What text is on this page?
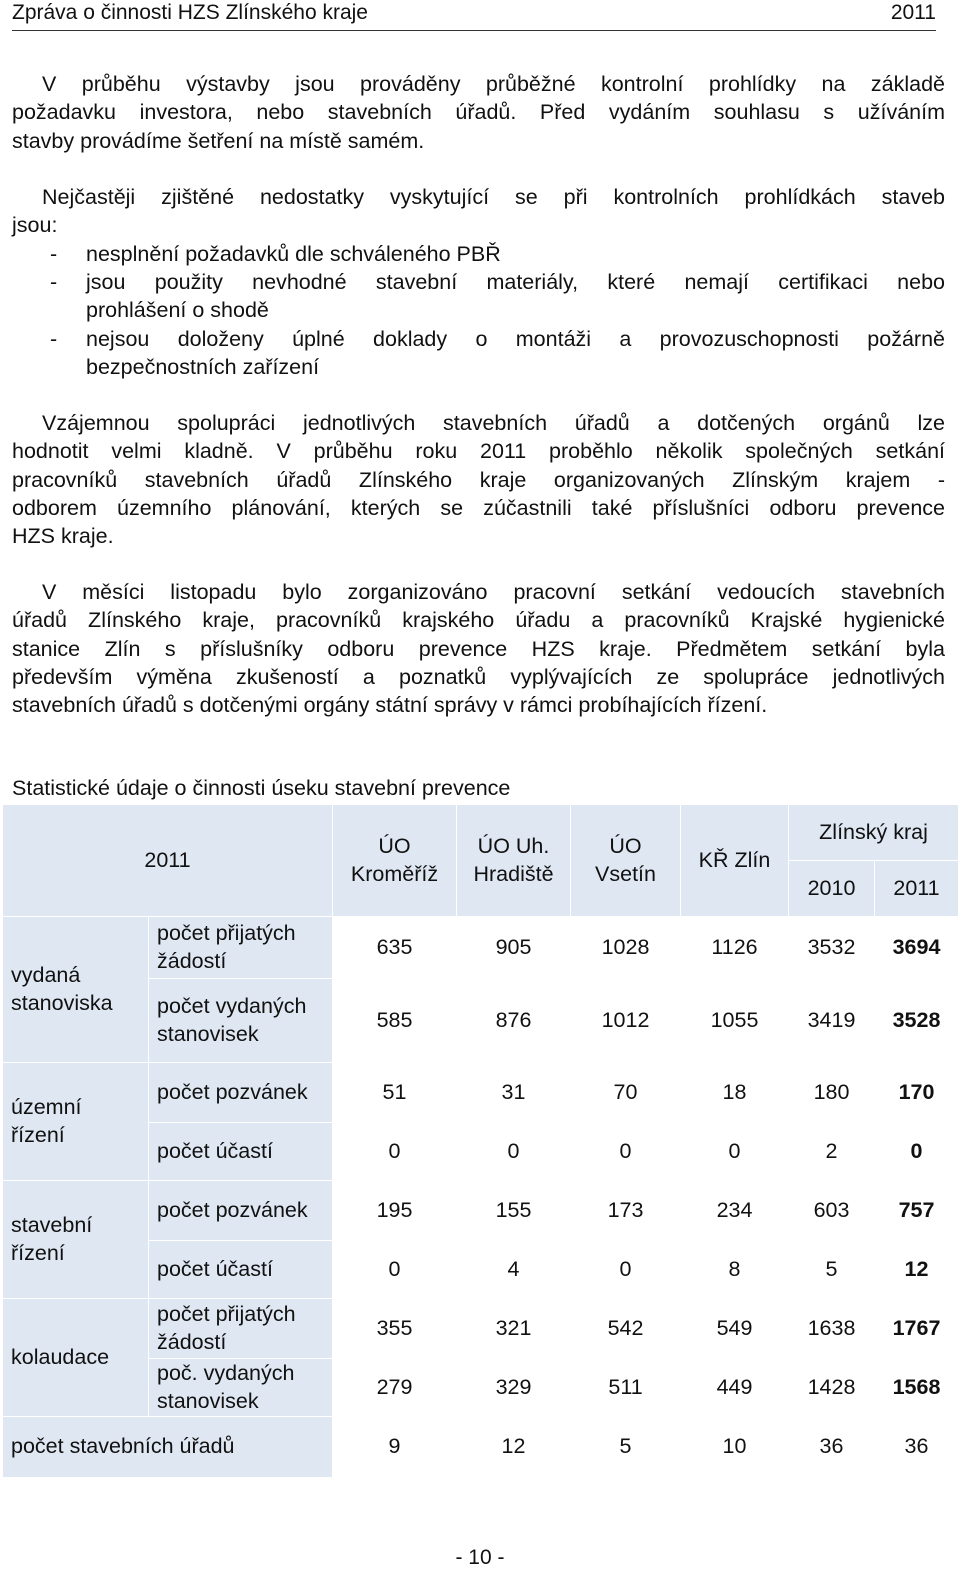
Zpráva o činnosti HZS Zlínského kraje	2011
V průběhu výstavby jsou prováděny průběžné kontrolní prohlídky na základě
požadavku investora, nebo stavebních úřadů. Před vydáním souhlasu s užíváním
stavby provádíme šetření na místě samém.
Nejčastěji zjištěné nedostatky vyskytující se při kontrolních prohlídkách staveb
jsou:
- nesplnění požadavků dle schváleného PBŘ
- jsou použity nevhodné stavební materiály, které nemají certifikaci nebo
prohlášení o shodě
- nejsou doloženy úplné doklady o montáži a provozuschopnosti požárně
bezpečnostních zařízení
Vzájemnou spolupráci jednotlivých stavebních úřadů a dotčených orgánů lze
hodnotit velmi kladně. V průběhu roku 2011 proběhlo několik společných setkání
pracovníků stavebních úřadů Zlínského kraje organizovaných Zlínským krajem -
odborem územního plánování, kterých se zúčastnili také příslušníci odboru prevence
HZS kraje.
V měsíci listopadu bylo zorganizováno pracovní setkání vedoucích stavebních
úřadů Zlínského kraje, pracovníků krajského úřadu a pracovníků Krajské hygienické
stanice Zlín s příslušníky odboru prevence HZS kraje. Předmětem setkání byla
především výměna zkušeností a poznatků vyplývajících ze spolupráce jednotlivých
stavebních úřadů s dotčenými orgány státní správy v rámci probíhajících řízení.
Statistické údaje o činnosti úseku stavební prevence
2011		ÚO Kroměříž	ÚO Uh. Hradiště	ÚO Vsetín	KŘ Zlín	Zlínský kraj	
						2010	2011
vydaná stanoviska	počet přijatých žádostí	635	905	1028	1126	3532	3694
	počet vydaných stanovisek	585	876	1012	1055	3419	3528
územní řízení	počet pozvánek	51	31	70	18	180	170
	počet účastí	0	0	0	0	2	0
stavební řízení	počet pozvánek	195	155	173	234	603	757
	počet účastí	0	4	0	8	5	12
kolaudace	počet přijatých žádostí	355	321	542	549	1638	1767
	poč. vydaných stanovisek	279	329	511	449	1428	1568
počet stavebních úřadů		9	12	5	10	36	36
- 10 -
